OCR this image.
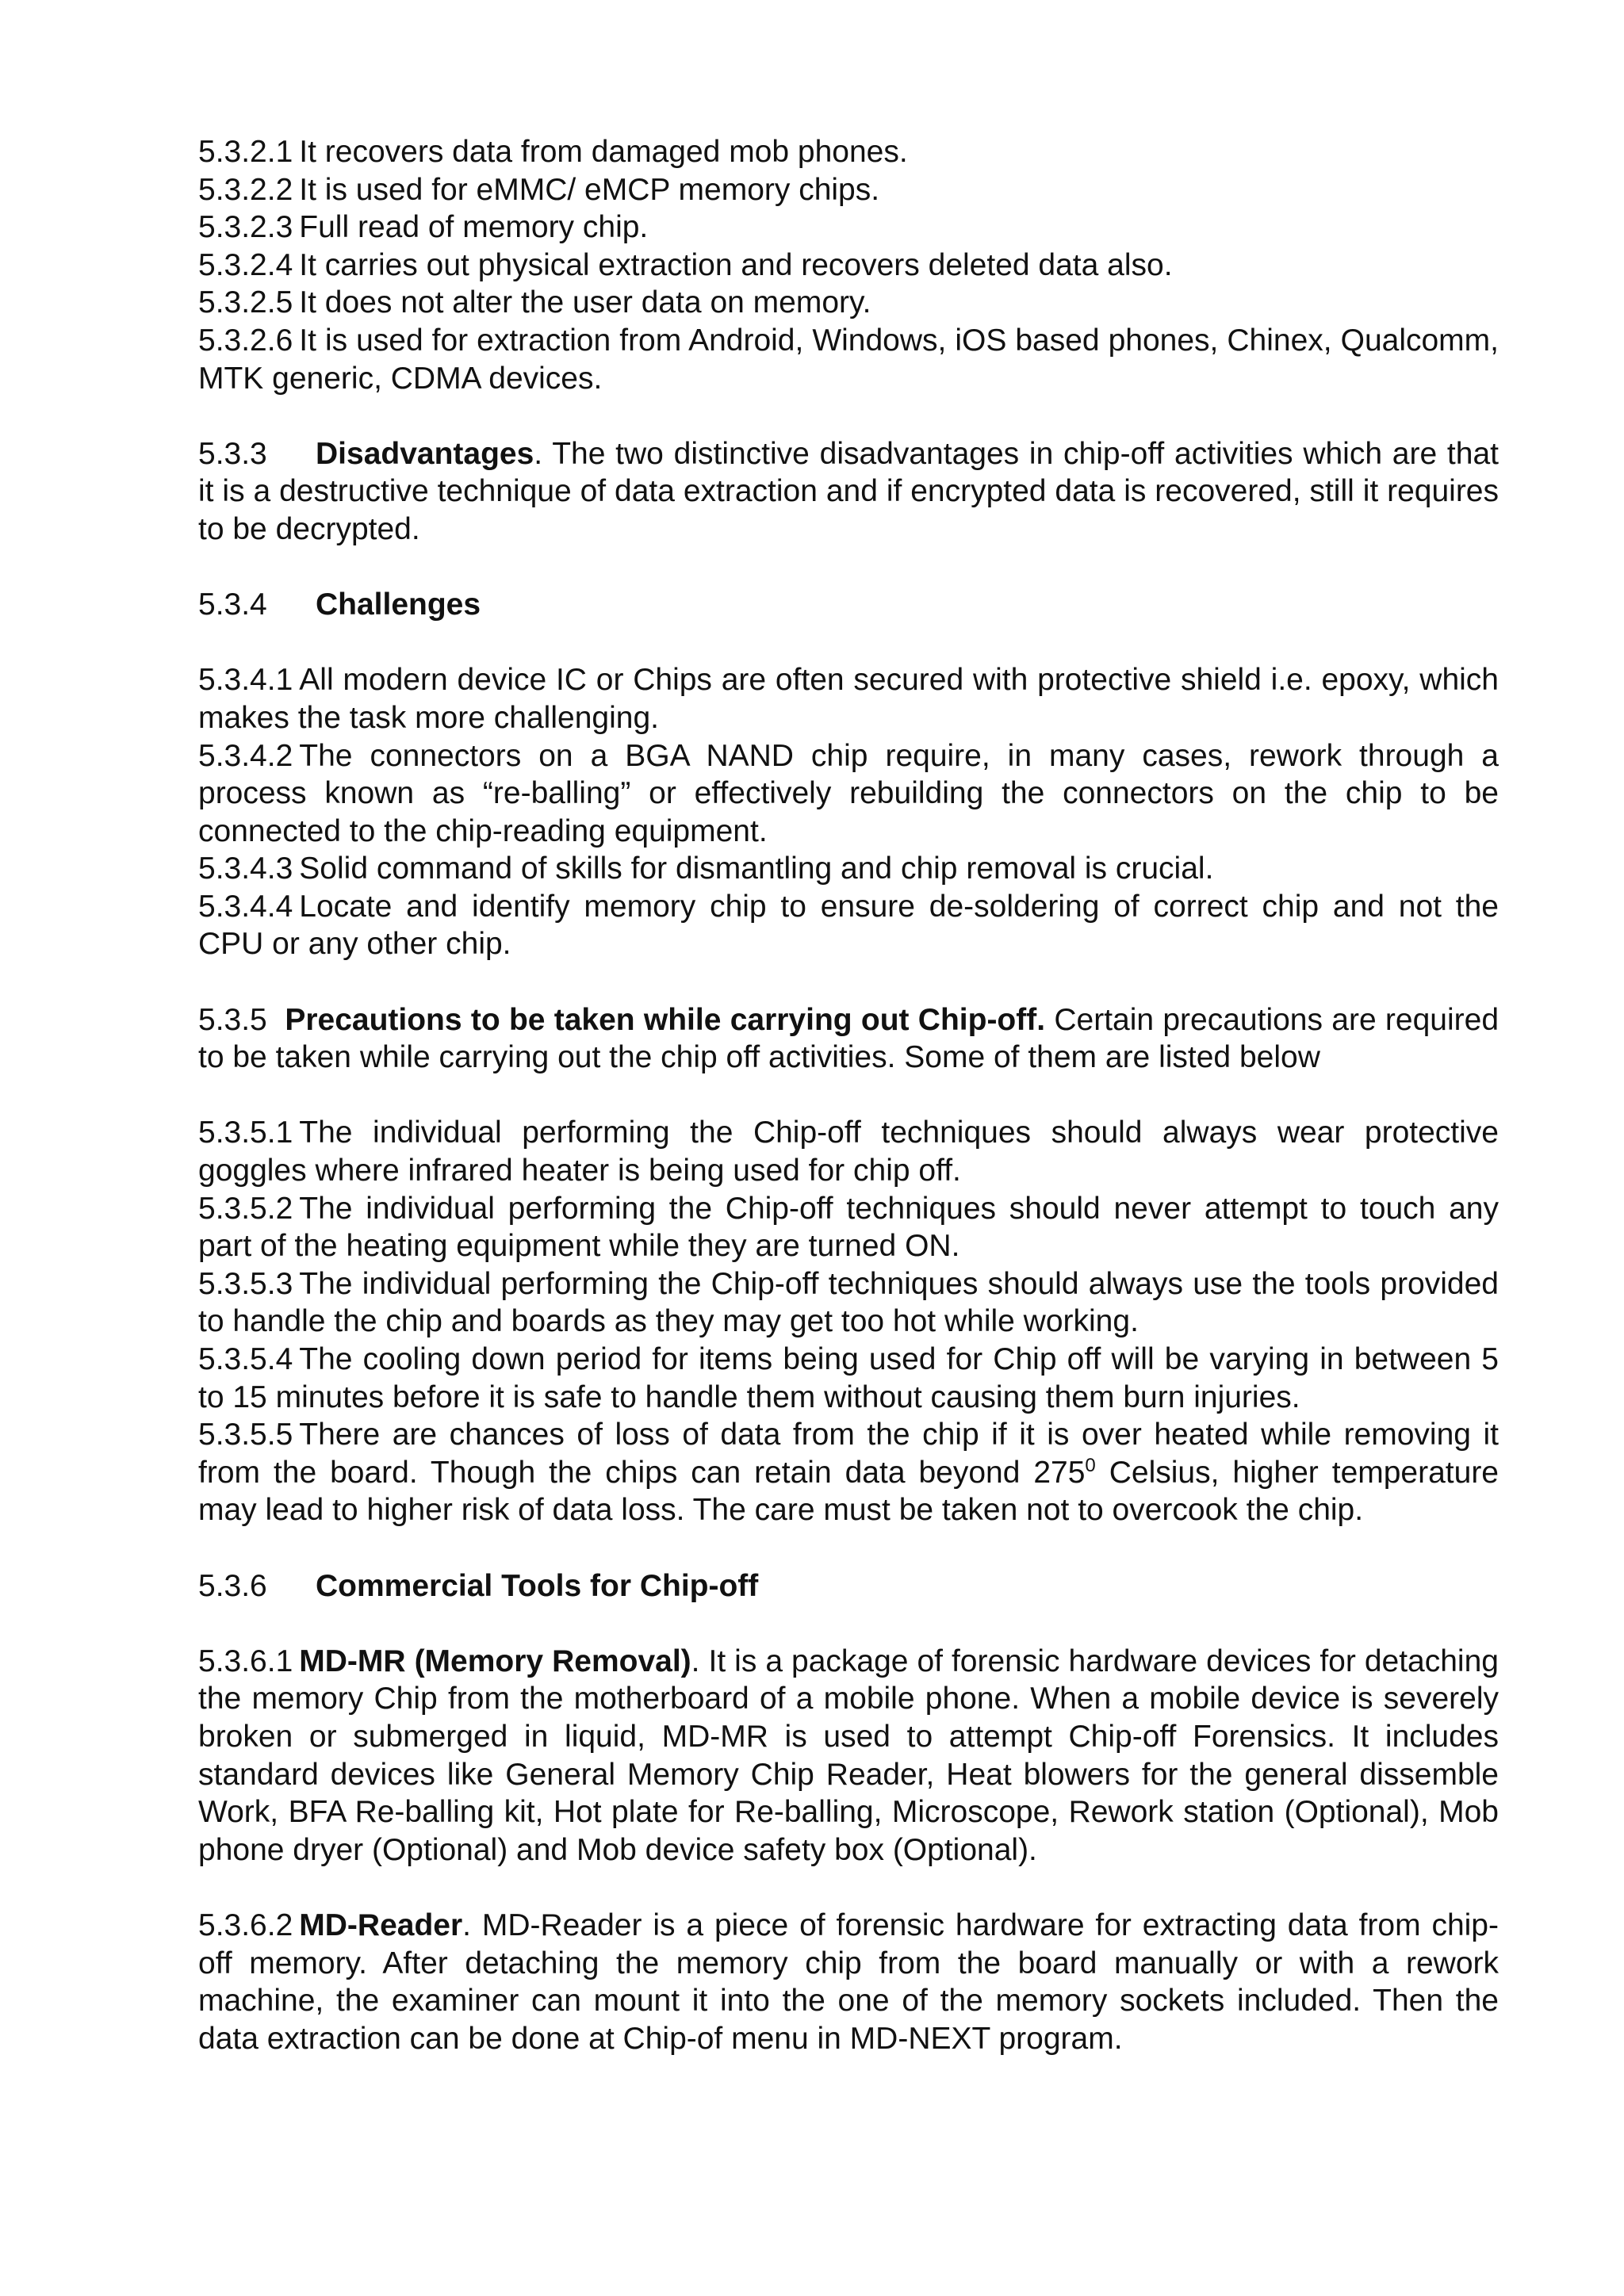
5.3.2.1 It recovers data from damaged mob phones.

5.3.2.2 It is used for eMMC/ eMCP memory chips.

5.3.2.3 Full read of memory chip.

5.3.2.4 It carries out physical extraction and recovers deleted data also.

5.3.2.5 It does not alter the user data on memory.

5.3.2.6 It is used for extraction from Android, Windows, iOS based phones, Chinex, Qualcomm, MTK generic, CDMA devices.

5.3.3 Disadvantages. The two distinctive disadvantages in chip-off activities which are that it is a destructive technique of data extraction and if encrypted data is recovered, still it requires to be decrypted.

5.3.4 Challenges

5.3.4.1 All modern device IC or Chips are often secured with protective shield i.e. epoxy, which makes the task more challenging.

5.3.4.2 The connectors on a BGA NAND chip require, in many cases, rework through a process known as “re-balling” or effectively rebuilding the connectors on the chip to be connected to the chip-reading equipment.

5.3.4.3 Solid command of skills for dismantling and chip removal is crucial.

5.3.4.4 Locate and identify memory chip to ensure de-soldering of correct chip and not the CPU or any other chip.

5.3.5 Precautions to be taken while carrying out Chip-off. Certain precautions are required to be taken while carrying out the chip off activities. Some of them are listed below

5.3.5.1 The individual performing the Chip-off techniques should always wear protective goggles where infrared heater is being used for chip off.

5.3.5.2 The individual performing the Chip-off techniques should never attempt to touch any part of the heating equipment while they are turned ON.

5.3.5.3 The individual performing the Chip-off techniques should always use the tools provided to handle the chip and boards as they may get too hot while working.

5.3.5.4 The cooling down period for items being used for Chip off will be varying in between 5 to 15 minutes before it is safe to handle them without causing them burn injuries.

5.3.5.5 There are chances of loss of data from the chip if it is over heated while removing it from the board. Though the chips can retain data beyond $275^0$ Celsius, higher temperature may lead to higher risk of data loss. The care must be taken not to overcook the chip.

5.3.6 Commercial Tools for Chip-off

5.3.6.1 MD-MR (Memory Removal). It is a package of forensic hardware devices for detaching the memory Chip from the motherboard of a mobile phone. When a mobile device is severely broken or submerged in liquid, MD-MR is used to attempt Chip-off Forensics. It includes standard devices like General Memory Chip Reader, Heat blowers for the general dissemble Work, BFA Re-balling kit, Hot plate for Re-balling, Microscope, Rework station (Optional), Mob phone dryer (Optional) and Mob device safety box (Optional).

5.3.6.2 MD-Reader. MD-Reader is a piece of forensic hardware for extracting data from chip-off memory. After detaching the memory chip from the board manually or with a rework machine, the examiner can mount it into the one of the memory sockets included. Then the data extraction can be done at Chip-of menu in MD-NEXT program.
